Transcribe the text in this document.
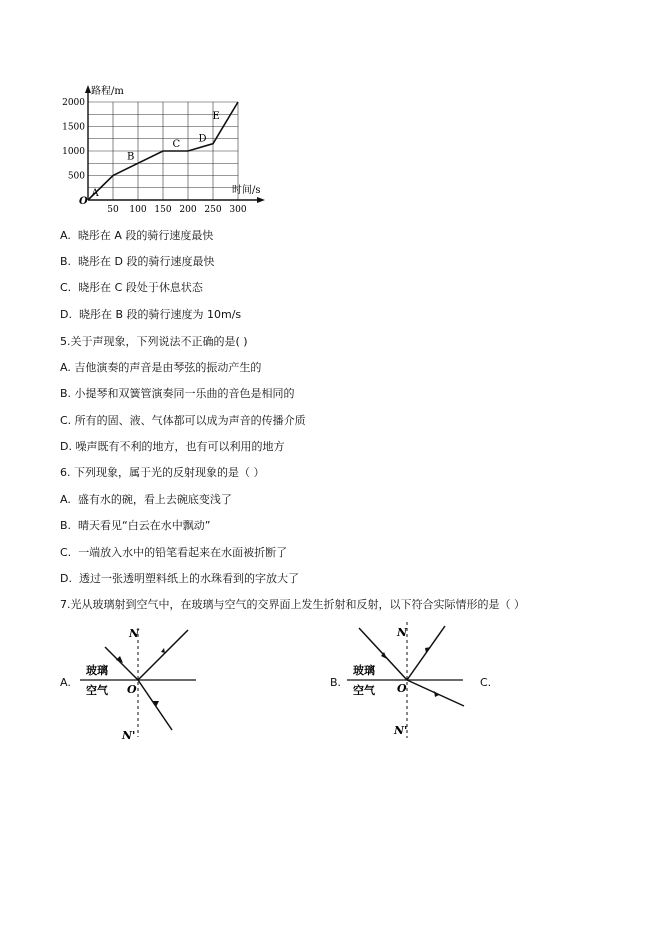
50 100 150 200 250 300
500
1000
1500
2000
A
B
C
D
E
路程/m
时间/s
O
A. 晓彤在 A 段的骑行速度最快
B. 晓彤在 D 段的骑行速度最快
C. 晓彤在 C 段处于休息状态
D. 晓彤在 B 段的骑行速度为 10m/s
5.关于声现象，下列说法不正确的是( )
A. 吉他演奏的声音是由琴弦的振动产生的
B. 小提琴和双簧管演奏同一乐曲的音色是相同的
C. 所有的固、液、气体都可以成为声音的传播介质
D. 噪声既有不利的地方，也有可以利用的地方
6. 下列现象，属于光的反射现象的是（ ）
A. 盛有水的碗，看上去碗底变浅了
B. 晴天看见“白云在水中飘动”
C. 一端放入水中的铅笔看起来在水面被折断了
D. 透过一张透明塑料纸上的水珠看到的字放大了
7.光从玻璃射到空气中，在玻璃与空气的交界面上发生折射和反射，以下符合实际情形的是（ ）
A.
N
N'
O
玻璃
空气
B.
N
N'
O
玻璃
空气
C.
